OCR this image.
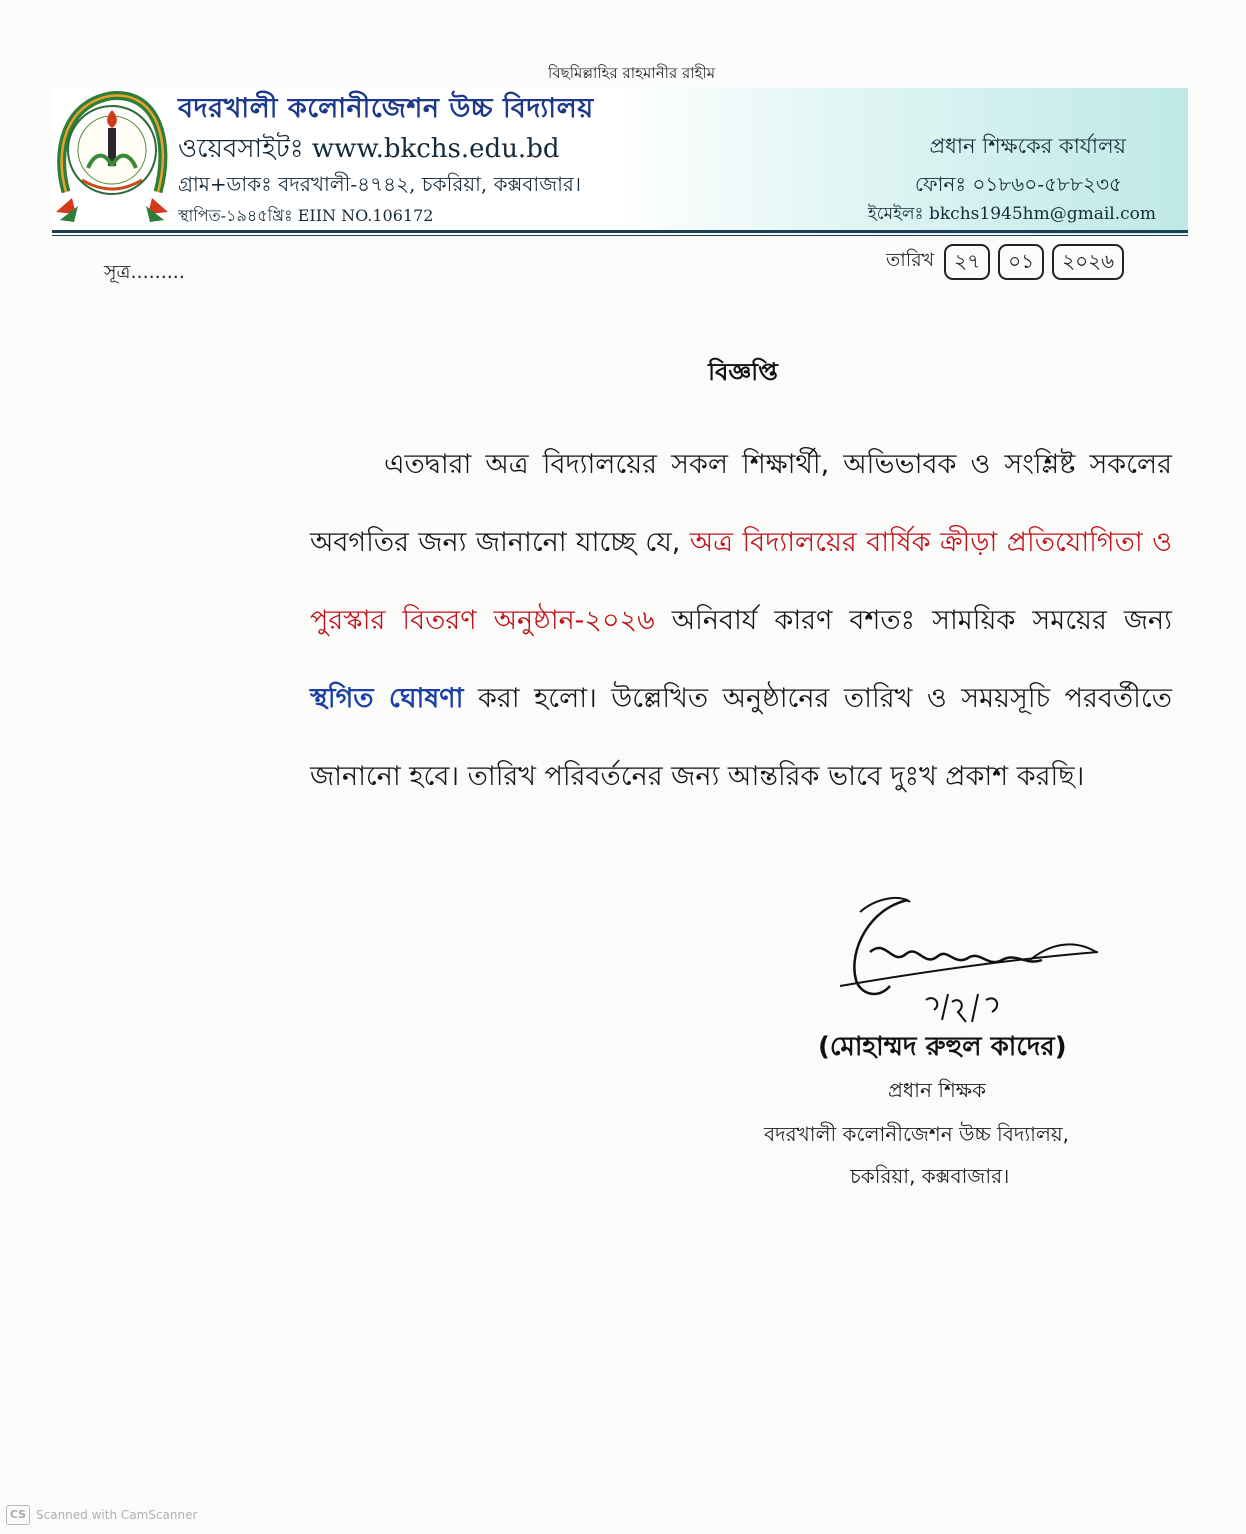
বিছমিল্লাহির রাহমানীর রাহীম
বদরখালী কলোনীজেশন উচ্চ বিদ্যালয়
ওয়েবসাইটঃ www.bkchs.edu.bd
গ্রাম+ডাকঃ বদরখালী-৪৭৪২, চকরিয়া, কক্সবাজার।
স্থাপিত-১৯৪৫খ্রিঃ EIIN NO.106172
প্রধান শিক্ষকের কার্যালয়
ফোনঃ ০১৮৬০-৫৮৮২৩৫
ইমেইলঃ bkchs1945hm@gmail.com
সূত্র.........
তারিখ	২৭	০১	২০২৬
বিজ্ঞপ্তি
এতদ্বারা অত্র বিদ্যালয়ের সকল শিক্ষার্থী, অভিভাবক ও সংশ্লিষ্ট সকলের অবগতির জন্য জানানো যাচ্ছে যে, অত্র বিদ্যালয়ের বার্ষিক ক্রীড়া প্রতিযোগিতা ও পুরস্কার বিতরণ অনুষ্ঠান-২০২৬ অনিবার্য কারণ বশতঃ সাময়িক সময়ের জন্য স্থগিত ঘোষণা করা হলো। উল্লেখিত অনুষ্ঠানের তারিখ ও সময়সূচি পরবর্তীতে জানানো হবে। তারিখ পরিবর্তনের জন্য আন্তরিক ভাবে দুঃখ প্রকাশ করছি।
(মোহাম্মদ রুহুল কাদের)
প্রধান শিক্ষক
বদরখালী কলোনীজেশন উচ্চ বিদ্যালয়,
চকরিয়া, কক্সবাজার।
CS Scanned with CamScanner
